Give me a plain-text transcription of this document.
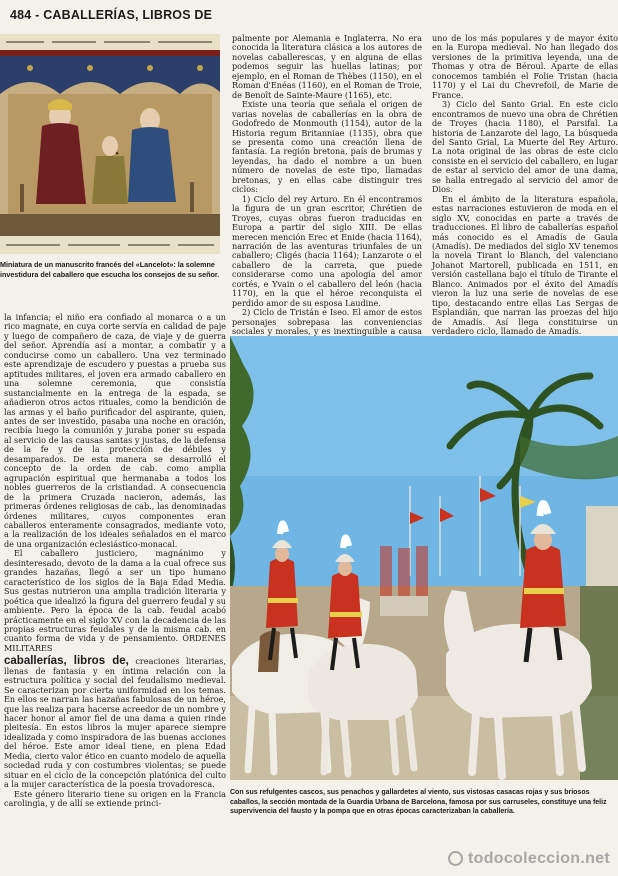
484 - CABALLERÍAS, LIBROS DE
Miniatura de un manuscrito francés del «Lancelot»: la solemne investidura del caballero que escucha los consejos de su señor.

la infancia; el niño era confiado al monarca o a un rico magnate, en cuya corte servía en calidad de paje y luego de compañero de caza, de viaje y de guerra del señor. Aprendía así a montar, a combatir y a conducirse como un caballero. Una vez terminado este aprendizaje de escudero y puestas a prueba sus aptitudes militares, el joven era armado caballero en una solemne ceremonia, que consistía sustancialmente en la entrega de la espada, se añadieron otros actos rituales, como la bendición de las armas y el baño purificador del aspirante, quien, antes de ser investido, pasaba una noche en oración, recibía luego la comunión y juraba poner su espada al servicio de las causas santas y justas, de la defensa de la fe y de la protección de débiles y desamparados. De esta manera se desarrolló el concepto de la orden de cab. como amplia agrupación espiritual que hermanaba a todos los nobles guerreros de la cristiandad. A consecuencia de la primera Cruzada nacieron, además, las primeras órdenes religiosas de cab., las denominadas órdenes militares, cuyos componentes eran caballeros enteramente consagrados, mediante voto, a la realización de los ideales señalados en el marco de una organización eclesiástico-monacal.

El caballero justiciero, magnánimo y desinteresado, devoto de la dama a la cual ofrece sus grandes hazañas, llegó a ser un tipo humano característico de los siglos de la Baja Edad Media. Sus gestas nutrieron una amplia tradición literaria y poética que idealizó la figura del guerrero feudal y su ambiente. Pero la época de la cab. feudal acabó prácticamente en el siglo XV con la decadencia de las propias estructuras feudales y de la misma cab. en cuanto forma de vida y de pensamiento. ÓRDENES MILITARES

caballerías, libros de, creaciones literarias, llenas de fantasía y en íntima relación con la estructura política y social del feudalismo medieval. Se caracterizan por cierta uniformidad en los temas. En ellos se narran las hazañas fabulosas de un héroe, que las realiza para hacerse acreedor de un nombre y hacer honor al amor fiel de una dama a quien rinde pleitesía. En estos libros la mujer aparece siempre idealizada y como inspiradora de las buenas acciones del héroe. Este amor ideal tiene, en plena Edad Media, cierto valor ético en cuanto modelo de aquella sociedad ruda y con costumbres violentas; se puede situar en el ciclo de la concepción platónica del culto a la mujer característica de la poesía trovadoresca.

Este género literario tiene su origen en la Francia carolingia, y de allí se extiende princi-

palmente por Alemania e Inglaterra. No era conocida la literatura clásica a los autores de novelas caballerescas, y en alguna de ellas podemos seguir las huellas latinas; por ejemplo, en el Roman de Thèbes (1150), en el Roman d'Enéas (1160), en el Roman de Troie, de Benoît de Sainte-Maure (1165), etc.

Existe una teoría que señala el origen de varias novelas de caballerías en la obra de Godofredo de Monmouth (1154), autor de la Historia regum Britanniae (1135), obra que se presenta como una creación llena de fantasía. La región bretona, país de brumas y leyendas, ha dado el nombre a un buen número de novelas de este tipo, llamadas bretonas, y en ellas cabe distinguir tres ciclos:

1) Ciclo del rey Arturo. En él encontramos la figura de un gran escritor, Chrétien de Troyes, cuyas obras fueron traducidas en Europa a partir del siglo XIII. De ellas merecen mención Erec et Enide (hacia 1164), narración de las aventuras triunfales de un caballero; Cligés (hacia 1164); Lanzarote o el caballero de la carreta, que puede considerarse como una apología del amor cortés, e Yvain o el caballero del león (hacia 1170), en la que el héroe reconquista el perdido amor de su esposa Laudine.

2) Ciclo de Tristán e Iseo. El amor de estos personajes sobrepasa las conveniencias sociales y morales, y es inextinguible a causa

uno de los más populares y de mayor éxito en la Europa medieval. No han llegado dos versiones de la primitiva leyenda, una de Thomas y otra de Béroul. Aparte de ellas conocemos también el Folie Tristan (hacia 1170) y el Lai du Chevrefoil, de Marie de France.

3) Ciclo del Santo Grial. En este ciclo encontramos de nuevo una obra de Chrétien de Troyes (hacia 1180), el Parsifal. La historia de Lanzarote del lago, La búsqueda del Santo Grial, La Muerte del Rey Arturo. La nota original de las obras de este ciclo consiste en el servicio del caballero, en lugar de estar al servicio del amor de una dama, se halla entregado al servicio del amor de Dios.

En el ámbito de la literatura española, estas narraciones estuvieron de moda en el siglo XV, conocidas en parte a través de traducciones. El libro de caballerías español más conocido es el Amadís de Gaula (Amadís). De mediados del siglo XV tenemos la novela Tirant lo Blanch, del valenciano Johanot Martorell, publicada en 1511, en versión castellana bajo el título de Tirante el Blanco. Animados por el éxito del Amadís vieron la luz una serie de novelas de ese tipo, destacando entre ellas Las Sergas de Esplandián, que narran las proezas del hijo de Amadís. Así llega constituirse un verdadero ciclo, llamado de Amadís.

Con sus refulgentes cascos, sus penachos y gallardetes al viento, sus vistosas casacas rojas y sus briosos caballos, la sección montada de la Guardia Urbana de Barcelona, famosa por sus carruseles, constituye una feliz supervivencia del fausto y la pompa que en otras épocas caracterizaban la caballería.
todocoleccion.net
